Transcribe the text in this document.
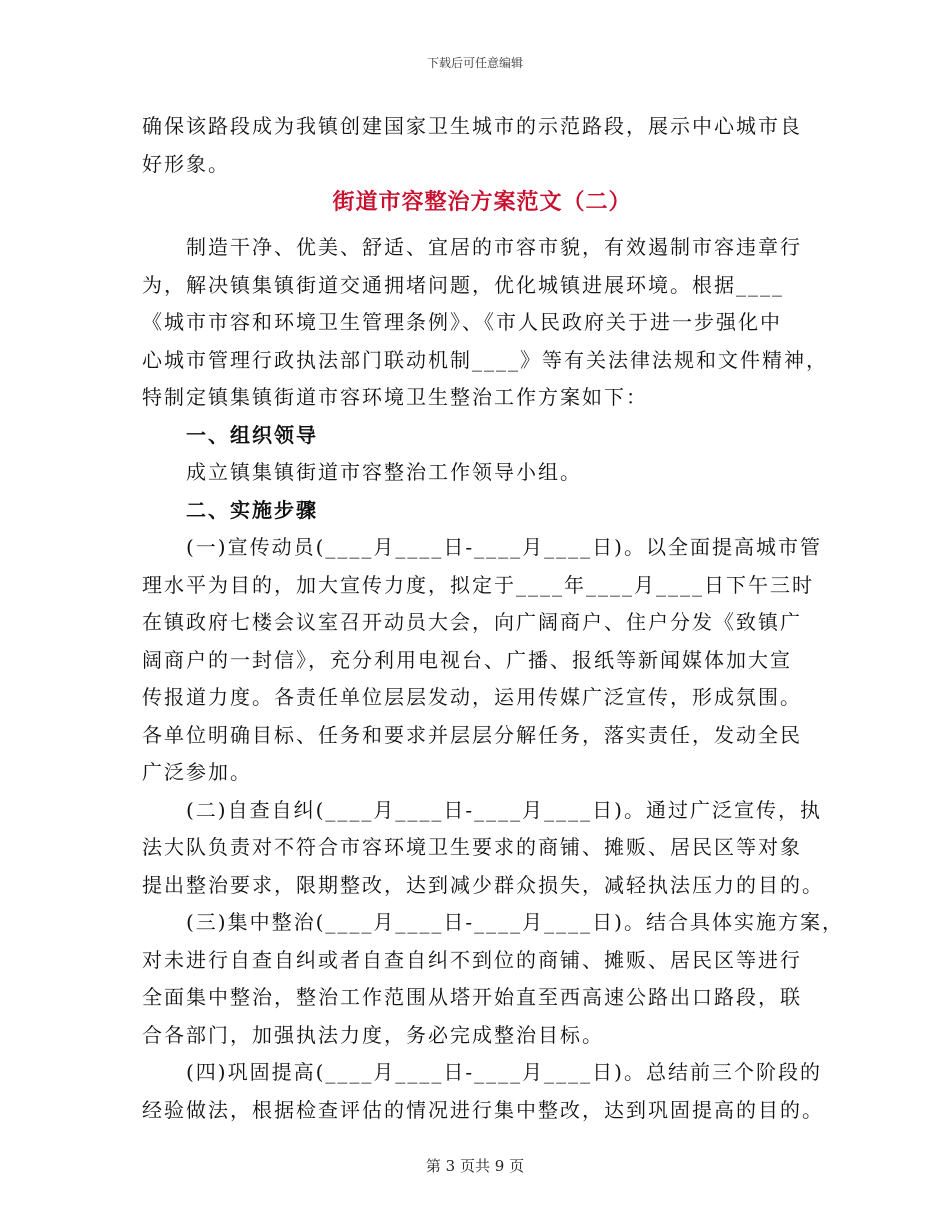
下载后可任意编辑
确保该路段成为我镇创建国家卫生城市的示范路段，展示中心城市良
好形象。
街道市容整治方案范文（二）
制造干净、优美、舒适、宜居的市容市貌，有效遏制市容违章行
为，解决镇集镇街道交通拥堵问题，优化城镇进展环境。根据____
《城市市容和环境卫生管理条例》、《市人民政府关于进一步强化中
心城市管理行政执法部门联动机制____》等有关法律法规和文件精神，
特制定镇集镇街道市容环境卫生整治工作方案如下：
一、组织领导
成立镇集镇街道市容整治工作领导小组。
二、实施步骤
(一)宣传动员(____月____日-____月____日)。以全面提高城市管
理水平为目的，加大宣传力度，拟定于____年____月____日下午三时
在镇政府七楼会议室召开动员大会，向广阔商户、住户分发《致镇广
阔商户的一封信》，充分利用电视台、广播、报纸等新闻媒体加大宣
传报道力度。各责任单位层层发动，运用传媒广泛宣传，形成氛围。
各单位明确目标、任务和要求并层层分解任务，落实责任，发动全民
广泛参加。
(二)自查自纠(____月____日-____月____日)。通过广泛宣传，执
法大队负责对不符合市容环境卫生要求的商铺、摊贩、居民区等对象
提出整治要求，限期整改，达到减少群众损失，减轻执法压力的目的。
(三)集中整治(____月____日-____月____日)。结合具体实施方案，
对未进行自查自纠或者自查自纠不到位的商铺、摊贩、居民区等进行
全面集中整治，整治工作范围从塔开始直至西高速公路出口路段，联
合各部门，加强执法力度，务必完成整治目标。
(四)巩固提高(____月____日-____月____日)。总结前三个阶段的
经验做法，根据检查评估的情况进行集中整改，达到巩固提高的目的。
第 3 页共 9 页
